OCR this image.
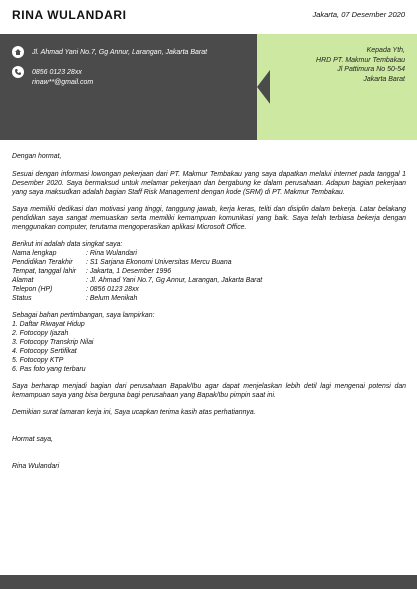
RINA WULANDARI	Jakarta, 07 Desember 2020
Jl. Ahmad Yani No.7, Gg Annur, Larangan, Jakarta Barat
0856 0123 28xx
rinaw**@gmail.com
Kepada Yth,
HRD PT. Makmur Tembakau
Jl Pattimura No 50-54
Jakarta Barat

Dengan hormat,

Sesuai dengan informasi lowongan pekerjaan dari PT. Makmur Tembakau yang saya dapatkan melalui internet pada tanggal 1 Desember 2020. Saya bermaksud untuk melamar pekerjaan dan bergabung ke dalam perusahaan. Adapun bagian pekerjaan yang saya maksudkan adalah bagian Staff Risk Management dengan kode (SRM) di PT. Makmur Tembakau.

Saya memiliki dedikasi dan motivasi yang tinggi, tanggung jawab, kerja keras, teliti dan disiplin dalam bekerja. Latar belakang pendidikan saya sangat memuaskan serta memiliki kemampuan komunikasi yang baik. Saya telah terbiasa bekerja dengan menggunakan computer, terutama mengoperasikan aplikasi Microsoft Office.

Berikut ini adalah data singkat saya:
Nama lengkap	: Rina Wulandari
Pendidikan Terakhir	: S1 Sarjana Ekonomi Universitas Mercu Buana
Tempat, tanggal lahir	: Jakarta, 1 Desember 1996
Alamat	: Jl. Ahmad Yani No.7, Gg Annur, Larangan, Jakarta Barat
Telepon (HP)	: 0856 0123 28xx
Status	: Belum Menikah
Sebagai bahan pertimbangan, saya lampirkan:
1. Daftar Riwayat Hidup
2. Fotocopy Ijazah
3. Fotocopy Transkrip Nilai
4. Fotocopy Sertifikat
5. Fotocopy KTP
6. Pas foto yang terbaru

Saya berharap menjadi bagian dari perusahaan Bapak/Ibu agar dapat menjelaskan lebih detil lagi mengenai potensi dan kemampuan saya yang bisa berguna bagi perusahaan yang Bapak/Ibu pimpin saat ini.

Demikian surat lamaran kerja ini, Saya ucapkan terima kasih atas perhatiannya.

Hormat saya,

Rina Wulandari
